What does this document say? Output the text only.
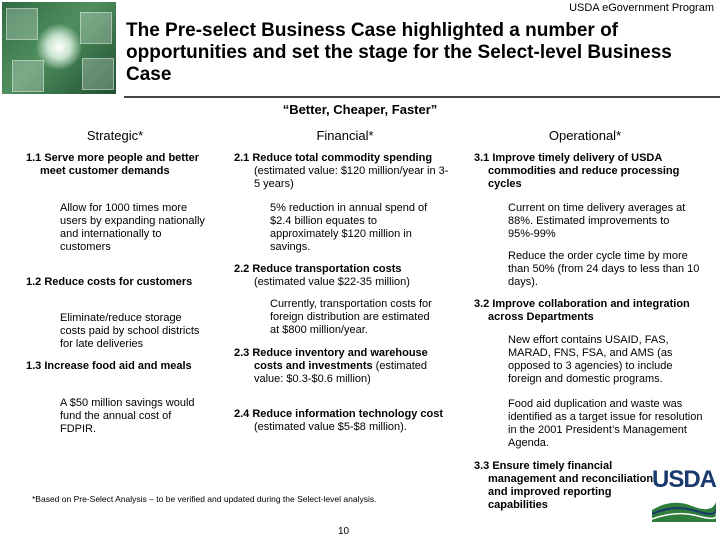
USDA eGovernment Program
The Pre-select Business Case highlighted a number of opportunities and set the stage for the Select-level Business Case
“Better, Cheaper, Faster”
Strategic*	Financial*	Operational*
1.1 Serve more people and better meet customer demands
Allow for 1000 times more users by expanding nationally and internationally to customers
1.2 Reduce costs for customers
Eliminate/reduce storage costs paid by school districts for late deliveries
1.3 Increase food aid and meals
A $50 million savings would fund the annual cost of FDPIR.
2.1 Reduce total commodity spending (estimated value: $120 million/year in 3-5 years)
5% reduction in annual spend of $2.4 billion equates to approximately $120 million in savings.
2.2 Reduce transportation costs (estimated value $22-35 million)
Currently, transportation costs for foreign distribution are estimated at $800 million/year.
2.3 Reduce inventory and warehouse costs and investments (estimated value: $0.3-$0.6 million)
2.4 Reduce information technology cost (estimated value $5-$8 million).
3.1 Improve timely delivery of USDA commodities and reduce processing cycles
Current on time delivery averages at 88%. Estimated improvements to 95%-99%
Reduce the order cycle time by more than 50% (from 24 days to less than 10 days).
3.2 Improve collaboration and integration across Departments
New effort contains USAID, FAS, MARAD, FNS, FSA, and AMS (as opposed to 3 agencies) to include foreign and domestic programs.
Food aid duplication and waste was identified as a target issue for resolution in the 2001 President’s Management Agenda.
3.3 Ensure timely financial management and reconciliation and improved reporting capabilities
*Based on Pre-Select Analysis – to be verified and updated during the Select-level analysis.
10
USDA
